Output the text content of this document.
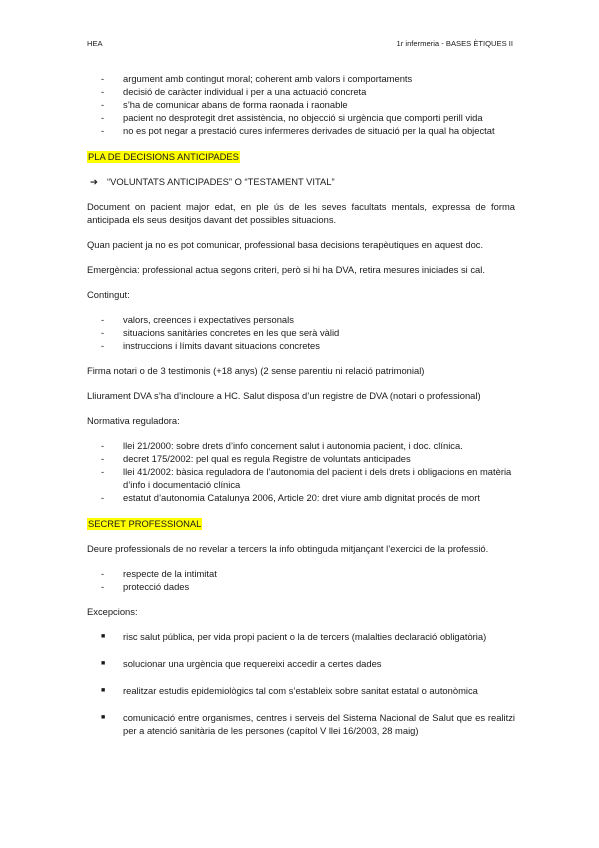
HEA	1r infermeria - BASES ÈTIQUES II
- argument amb contingut moral; coherent amb valors i comportaments
- decisió de caràcter individual i per a una actuació concreta
- s’ha de comunicar abans de forma raonada i raonable
- pacient no desprotegit dret assistència, no objecció si urgència que comporti perill vida
- no es pot negar a prestació cures infermeres derivades de situació per la qual ha objectat
PLA DE DECISIONS ANTICIPADES
➔ “VOLUNTATS ANTICIPADES” O “TESTAMENT VITAL”

Document on pacient major edat, en ple ús de les seves facultats mentals, expressa de forma anticipada els seus desitjos davant det possibles situacions.

Quan pacient ja no es pot comunicar, professional basa decisions terapèutiques en aquest doc.

Emergència: professional actua segons criteri, però si hi ha DVA, retira mesures iniciades si cal.

Contingut:

- valors, creences i expectatives personals
- situacions sanitàries concretes en les que serà vàlid
- instruccions i límits davant situacions concretes

Firma notari o de 3 testimonis (+18 anys) (2 sense parentiu ni relació patrimonial)

Lliurament DVA s’ha d’incloure a HC. Salut disposa d’un registre de DVA (notari o professional)

Normativa reguladora:

- llei 21/2000: sobre drets d’info concernent salut i autonomia pacient, i doc. clínica.
- decret 175/2002: pel qual es regula Registre de voluntats anticipades
- llei 41/2002: bàsica reguladora de l’autonomia del pacient i dels drets i obligacions en matèria d’info i documentació clínica
- estatut d’autonomia Catalunya 2006, Article 20: dret viure amb dignitat procés de mort
SECRET PROFESSIONAL

Deure professionals de no revelar a tercers la info obtinguda mitjançant l’exercici de la professió.

- respecte de la intimitat
- protecció dades

Excepcions:

■ risc salut pública, per vida propi pacient o la de tercers (malalties declaració obligatòria)
■ solucionar una urgència que requereixi accedir a certes dades
■ realitzar estudis epidemiològics tal com s’estableix sobre sanitat estatal o autonòmica
■ comunicació entre organismes, centres i serveis del Sistema Nacional de Salut que es realitzi per a atenció sanitària de les persones (capítol V llei 16/2003, 28 maig)
